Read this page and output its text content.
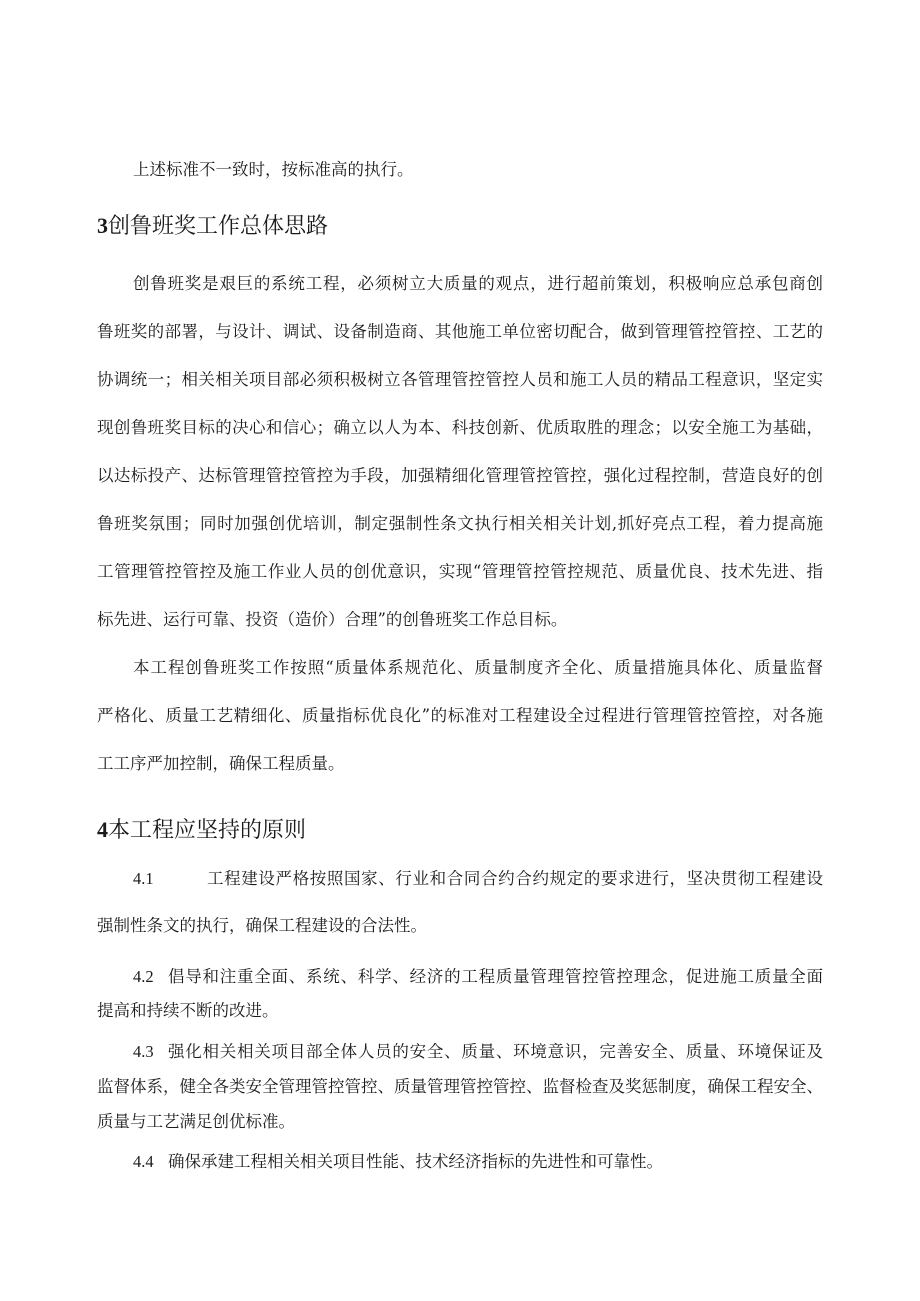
上述标准不一致时，按标准高的执行。
3创鲁班奖工作总体思路
创鲁班奖是艰巨的系统工程，必须树立大质量的观点，进行超前策划，积极响应总承包商创
鲁班奖的部署，与设计、调试、设备制造商、其他施工单位密切配合，做到管理管控管控、工艺的
协调统一；相关相关项目部必须积极树立各管理管控管控人员和施工人员的精品工程意识，坚定实
现创鲁班奖目标的决心和信心；确立以人为本、科技创新、优质取胜的理念；以安全施工为基础，
以达标投产、达标管理管控管控为手段，加强精细化管理管控管控，强化过程控制，营造良好的创
鲁班奖氛围；同时加强创优培训，制定强制性条文执行相关相关计划,抓好亮点工程，着力提高施
工管理管控管控及施工作业人员的创优意识，实现“管理管控管控规范、质量优良、技术先进、指
标先进、运行可靠、投资（造价）合理”的创鲁班奖工作总目标。
本工程创鲁班奖工作按照“质量体系规范化、质量制度齐全化、质量措施具体化、质量监督
严格化、质量工艺精细化、质量指标优良化”的标准对工程建设全过程进行管理管控管控，对各施
工工序严加控制，确保工程质量。
4本工程应坚持的原则
4.1	工程建设严格按照国家、行业和合同合约合约规定的要求进行，坚决贯彻工程建设
强制性条文的执行，确保工程建设的合法性。
4.2 倡导和注重全面、系统、科学、经济的工程质量管理管控管控理念，促进施工质量全面
提高和持续不断的改进。
4.3 强化相关相关项目部全体人员的安全、质量、环境意识，完善安全、质量、环境保证及
监督体系，健全各类安全管理管控管控、质量管理管控管控、监督检查及奖惩制度，确保工程安全、
质量与工艺满足创优标准。
4.4 确保承建工程相关相关项目性能、技术经济指标的先进性和可靠性。
